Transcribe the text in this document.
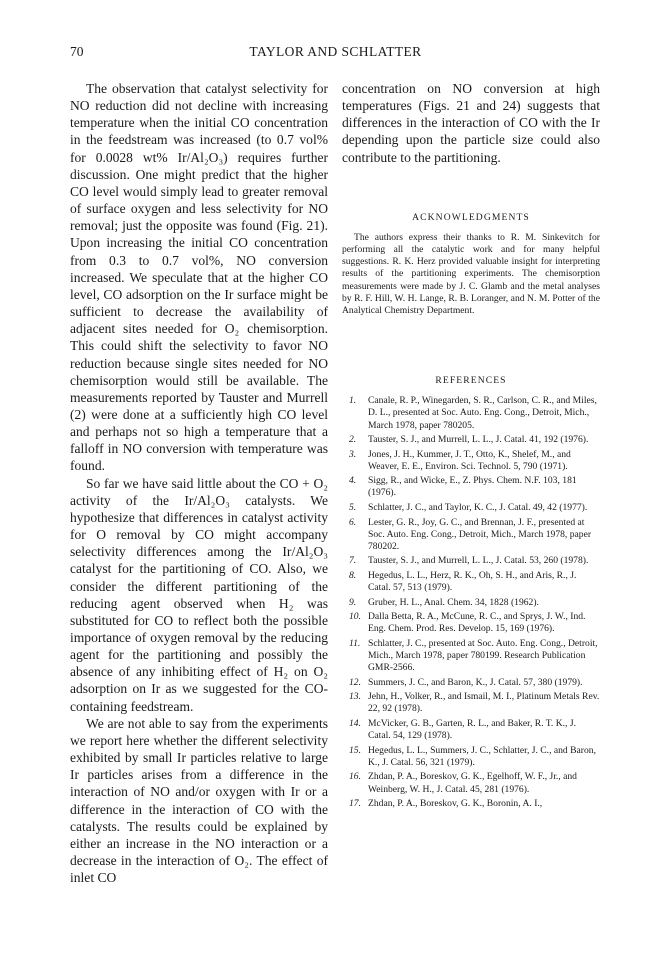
70	TAYLOR AND SCHLATTER

The observation that catalyst selectivity for NO reduction did not decline with increasing temperature when the initial CO concentration in the feedstream was increased (to 0.7 vol% for 0.0028 wt% Ir/Al₂O₃) requires further discussion. One might predict that the higher CO level would simply lead to greater removal of surface oxygen and less selectivity for NO removal; just the opposite was found (Fig. 21). Upon increasing the initial CO concentration from 0.3 to 0.7 vol%, NO conversion increased. We speculate that at the higher CO level, CO adsorption on the Ir surface might be sufficient to decrease the availability of adjacent sites needed for O₂ chemisorption. This could shift the selectivity to favor NO reduction because single sites needed for NO chemisorption would still be available. The measurements reported by Tauster and Murrell (2) were done at a sufficiently high CO level and perhaps not so high a temperature that a falloff in NO conversion with temperature was found.

So far we have said little about the CO + O₂ activity of the Ir/Al₂O₃ catalysts. We hypothesize that differences in catalyst activity for O removal by CO might accompany selectivity differences among the Ir/Al₂O₃ catalyst for the partitioning of CO. Also, we consider the different partitioning of the reducing agent observed when H₂ was substituted for CO to reflect both the possible importance of oxygen removal by the reducing agent for the partitioning and possibly the absence of any inhibiting effect of H₂ on O₂ adsorption on Ir as we suggested for the CO-containing feedstream.

We are not able to say from the experiments we report here whether the different selectivity exhibited by small Ir particles relative to large Ir particles arises from a difference in the interaction of NO and/or oxygen with Ir or a difference in the interaction of CO with the catalysts. The results could be explained by either an increase in the NO interaction or a decrease in the interaction of O₂. The effect of inlet CO

concentration on NO conversion at high temperatures (Figs. 21 and 24) suggests that differences in the interaction of CO with the Ir depending upon the particle size could also contribute to the partitioning.

ACKNOWLEDGMENTS

The authors express their thanks to R. M. Sinkevitch for performing all the catalytic work and for many helpful suggestions. R. K. Herz provided valuable insight for interpreting results of the partitioning experiments. The chemisorption measurements were made by J. C. Glamb and the metal analyses by R. F. Hill, W. H. Lange, R. B. Loranger, and N. M. Potter of the Analytical Chemistry Department.

REFERENCES

1. Canale, R. P., Winegarden, S. R., Carlson, C. R., and Miles, D. L., presented at Soc. Auto. Eng. Cong., Detroit, Mich., March 1978, paper 780205.
2. Tauster, S. J., and Murrell, L. L., J. Catal. 41, 192 (1976).
3. Jones, J. H., Kummer, J. T., Otto, K., Shelef, M., and Weaver, E. E., Environ. Sci. Technol. 5, 790 (1971).
4. Sigg, R., and Wicke, E., Z. Phys. Chem. N.F. 103, 181 (1976).
5. Schlatter, J. C., and Taylor, K. C., J. Catal. 49, 42 (1977).
6. Lester, G. R., Joy, G. C., and Brennan, J. F., presented at Soc. Auto. Eng. Cong., Detroit, Mich., March 1978, paper 780202.
7. Tauster, S. J., and Murrell, L. L., J. Catal. 53, 260 (1978).
8. Hegedus, L. L., Herz, R. K., Oh, S. H., and Aris, R., J. Catal. 57, 513 (1979).
9. Gruber, H. L., Anal. Chem. 34, 1828 (1962).
10. Dalla Betta, R. A., McCune, R. C., and Sprys, J. W., Ind. Eng. Chem. Prod. Res. Develop. 15, 169 (1976).
11. Schlatter, J. C., presented at Soc. Auto. Eng. Cong., Detroit, Mich., March 1978, paper 780199. Research Publication GMR-2566.
12. Summers, J. C., and Baron, K., J. Catal. 57, 380 (1979).
13. Jehn, H., Volker, R., and Ismail, M. I., Platinum Metals Rev. 22, 92 (1978).
14. McVicker, G. B., Garten, R. L., and Baker, R. T. K., J. Catal. 54, 129 (1978).
15. Hegedus, L. L., Summers, J. C., Schlatter, J. C., and Baron, K., J. Catal. 56, 321 (1979).
16. Zhdan, P. A., Boreskov, G. K., Egelhoff, W. F., Jr., and Weinberg, W. H., J. Catal. 45, 281 (1976).
17. Zhdan, P. A., Boreskov, G. K., Boronin, A. I.,
